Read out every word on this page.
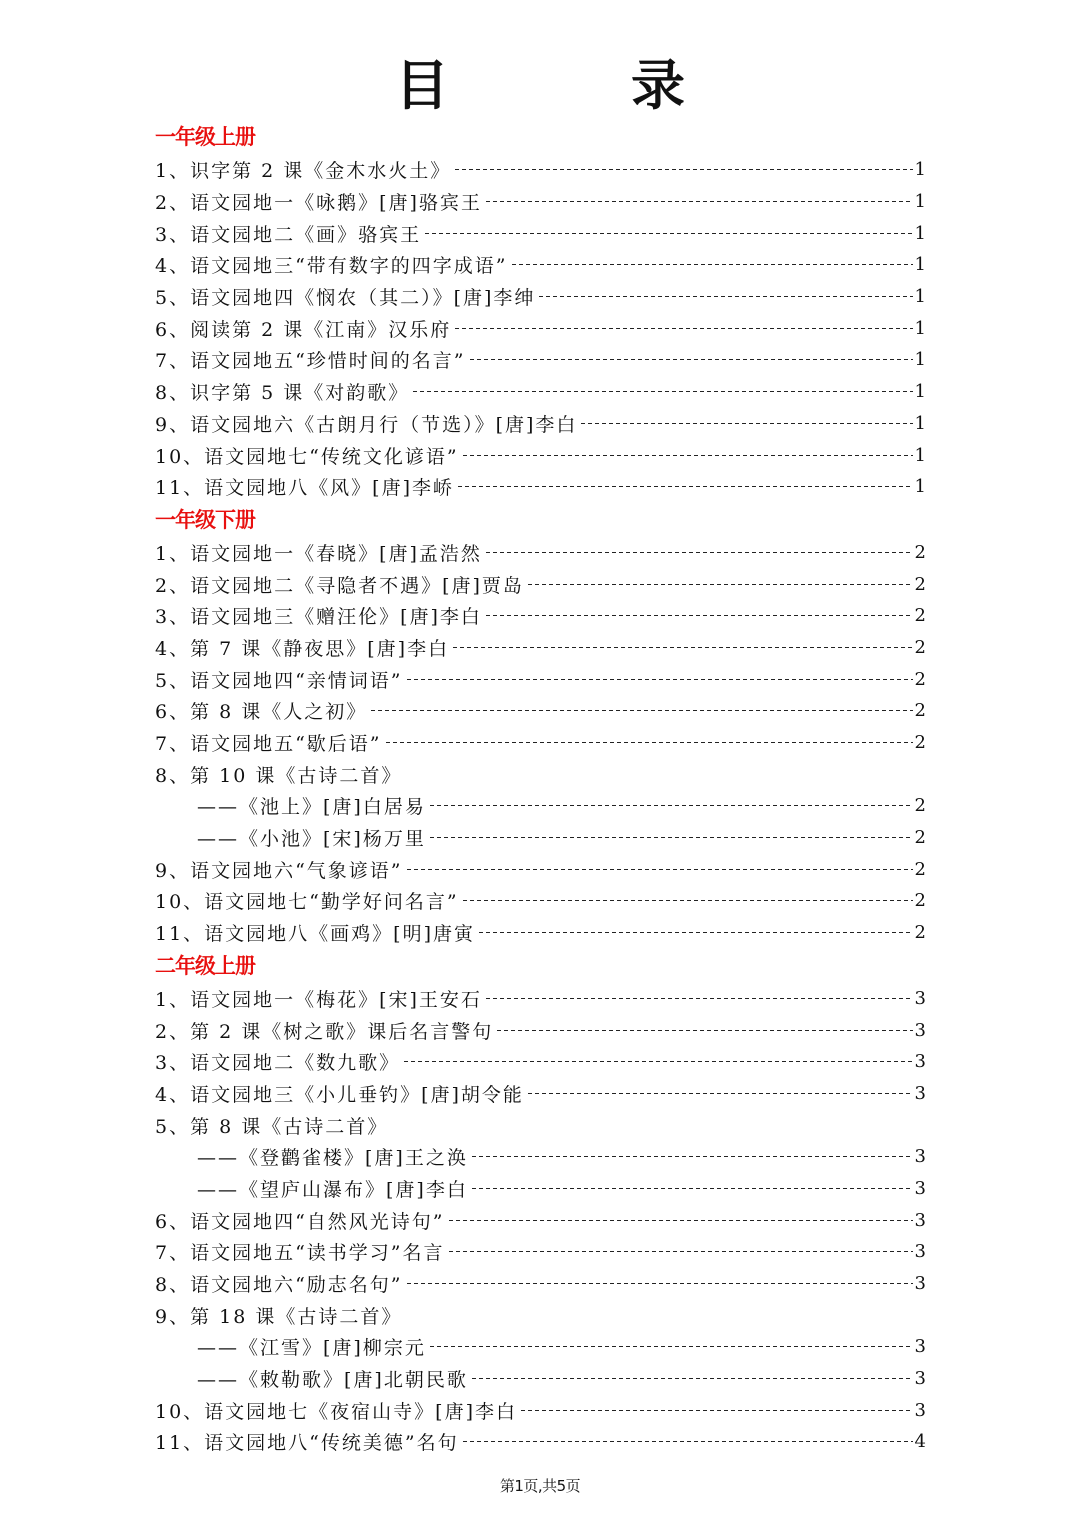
目　录
一年级上册
1、识字第 2 课《金木水火土》	1
2、语文园地一《咏鹅》[唐]骆宾王	1
3、语文园地二《画》骆宾王	1
4、语文园地三“带有数字的四字成语”	1
5、语文园地四《悯农（其二）》[唐]李绅	1
6、阅读第 2 课《江南》汉乐府	1
7、语文园地五“珍惜时间的名言”	1
8、识字第 5 课《对韵歌》	1
9、语文园地六《古朗月行（节选）》[唐]李白	1
10、语文园地七“传统文化谚语”	1
11、语文园地八《风》[唐]李峤	1
一年级下册
1、语文园地一《春晓》[唐]孟浩然	2
2、语文园地二《寻隐者不遇》[唐]贾岛	2
3、语文园地三《赠汪伦》[唐]李白	2
4、第 7 课《静夜思》[唐]李白	2
5、语文园地四“亲情词语”	2
6、第 8 课《人之初》	2
7、语文园地五“歇后语”	2
8、第 10 课《古诗二首》
——《池上》[唐]白居易	2
——《小池》[宋]杨万里	2
9、语文园地六“气象谚语”	2
10、语文园地七“勤学好问名言”	2
11、语文园地八《画鸡》[明]唐寅	2
二年级上册
1、语文园地一《梅花》[宋]王安石	3
2、第 2 课《树之歌》课后名言警句	3
3、语文园地二《数九歌》	3
4、语文园地三《小儿垂钓》[唐]胡令能	3
5、第 8 课《古诗二首》
——《登鹳雀楼》[唐]王之涣	3
——《望庐山瀑布》[唐]李白	3
6、语文园地四“自然风光诗句”	3
7、语文园地五“读书学习”名言	3
8、语文园地六“励志名句”	3
9、第 18 课《古诗二首》
——《江雪》[唐]柳宗元	3
——《敕勒歌》[唐]北朝民歌	3
10、语文园地七《夜宿山寺》[唐]李白	3
11、语文园地八“传统美德”名句	4
第1页,共5页
